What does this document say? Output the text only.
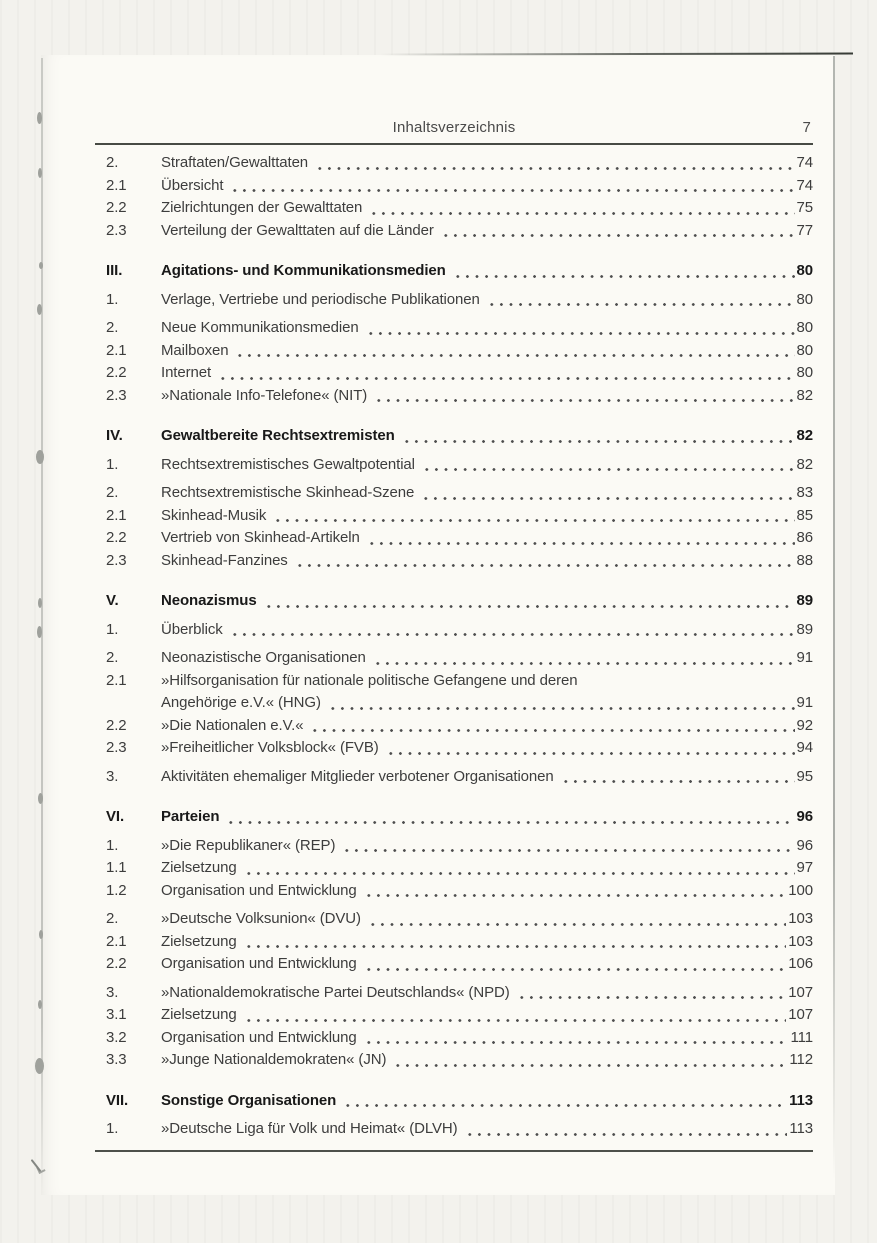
Inhaltsverzeichnis	7
2.	Straftaten/Gewalttaten	74
2.1	Übersicht	74
2.2	Zielrichtungen der Gewalttaten	75
2.3	Verteilung der Gewalttaten auf die Länder	77
III.	Agitations- und Kommunikationsmedien	80
1.	Verlage, Vertriebe und periodische Publikationen	80
2.	Neue Kommunikationsmedien	80
2.1	Mailboxen	80
2.2	Internet	80
2.3	»Nationale Info-Telefone« (NIT)	82
IV.	Gewaltbereite Rechtsextremisten	82
1.	Rechtsextremistisches Gewaltpotential	82
2.	Rechtsextremistische Skinhead-Szene	83
2.1	Skinhead-Musik	85
2.2	Vertrieb von Skinhead-Artikeln	86
2.3	Skinhead-Fanzines	88
V.	Neonazismus	89
1.	Überblick	89
2.	Neonazistische Organisationen	91
2.1	»Hilfsorganisation für nationale politische Gefangene und deren
Angehörige e.V.« (HNG)	91
2.2	»Die Nationalen e.V.«	92
2.3	»Freiheitlicher Volksblock« (FVB)	94
3.	Aktivitäten ehemaliger Mitglieder verbotener Organisationen	95
VI.	Parteien	96
1.	»Die Republikaner« (REP)	96
1.1	Zielsetzung	97
1.2	Organisation und Entwicklung	100
2.	»Deutsche Volksunion« (DVU)	103
2.1	Zielsetzung	103
2.2	Organisation und Entwicklung	106
3.	»Nationaldemokratische Partei Deutschlands« (NPD)	107
3.1	Zielsetzung	107
3.2	Organisation und Entwicklung	111
3.3	»Junge Nationaldemokraten« (JN)	112
VII.	Sonstige Organisationen	113
1.	»Deutsche Liga für Volk und Heimat« (DLVH)	113
